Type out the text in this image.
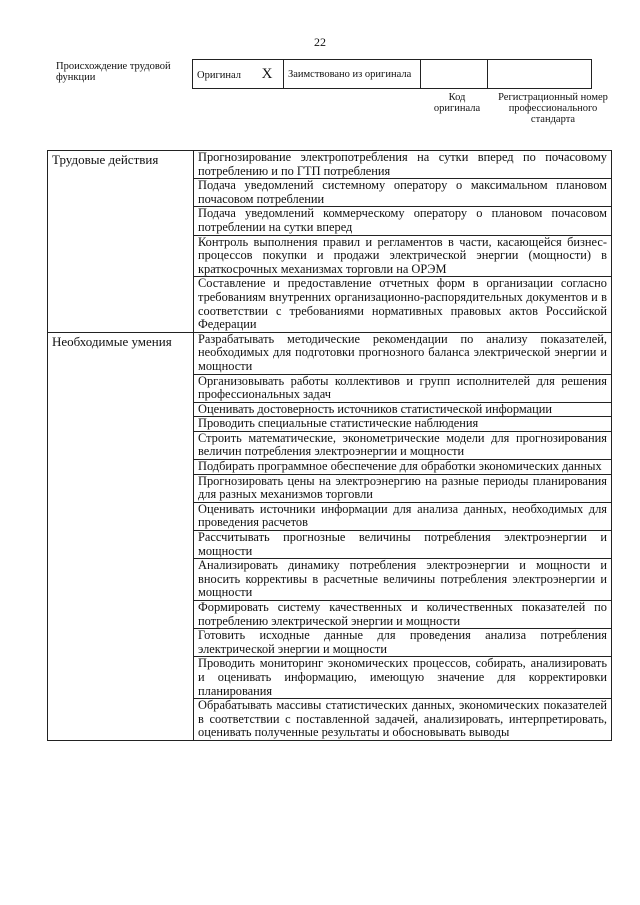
22
Происхождение трудовой функции	Оригинал X	Заимствовано из оригинала		
Код оригинала
Регистрационный номер профессионального стандарта
Трудовые действия	Прогнозирование электропотребления на сутки вперед по почасовому потреблению и по ГТП потребления
	Подача уведомлений системному оператору о максимальном плановом почасовом потреблении
	Подача уведомлений коммерческому оператору о плановом почасовом потреблении на сутки вперед
	Контроль выполнения правил и регламентов в части, касающейся бизнес-процессов покупки и продажи электрической энергии (мощности) в краткосрочных механизмах торговли на ОРЭМ
	Составление и предоставление отчетных форм в организации согласно требованиям внутренних организационно-распорядительных документов и в соответствии с требованиями нормативных правовых актов Российской Федерации
Необходимые умения	Разрабатывать методические рекомендации по анализу показателей, необходимых для подготовки прогнозного баланса электрической энергии и мощности
	Организовывать работы коллективов и групп исполнителей для решения профессиональных задач
	Оценивать достоверность источников статистической информации
	Проводить специальные статистические наблюдения
	Строить математические, эконометрические модели для прогнозирования величин потребления электроэнергии и мощности
	Подбирать программное обеспечение для обработки экономических данных
	Прогнозировать цены на электроэнергию на разные периоды планирования для разных механизмов торговли
	Оценивать источники информации для анализа данных, необходимых для проведения расчетов
	Рассчитывать прогнозные величины потребления электроэнергии и мощности
	Анализировать динамику потребления электроэнергии и мощности и вносить коррективы в расчетные величины потребления электроэнергии и мощности
	Формировать систему качественных и количественных показателей по потреблению электрической энергии и мощности
	Готовить исходные данные для проведения анализа потребления электрической энергии и мощности
	Проводить мониторинг экономических процессов, собирать, анализировать и оценивать информацию, имеющую значение для корректировки планирования
	Обрабатывать массивы статистических данных, экономических показателей в соответствии с поставленной задачей, анализировать, интерпретировать, оценивать полученные результаты и обосновывать выводы
